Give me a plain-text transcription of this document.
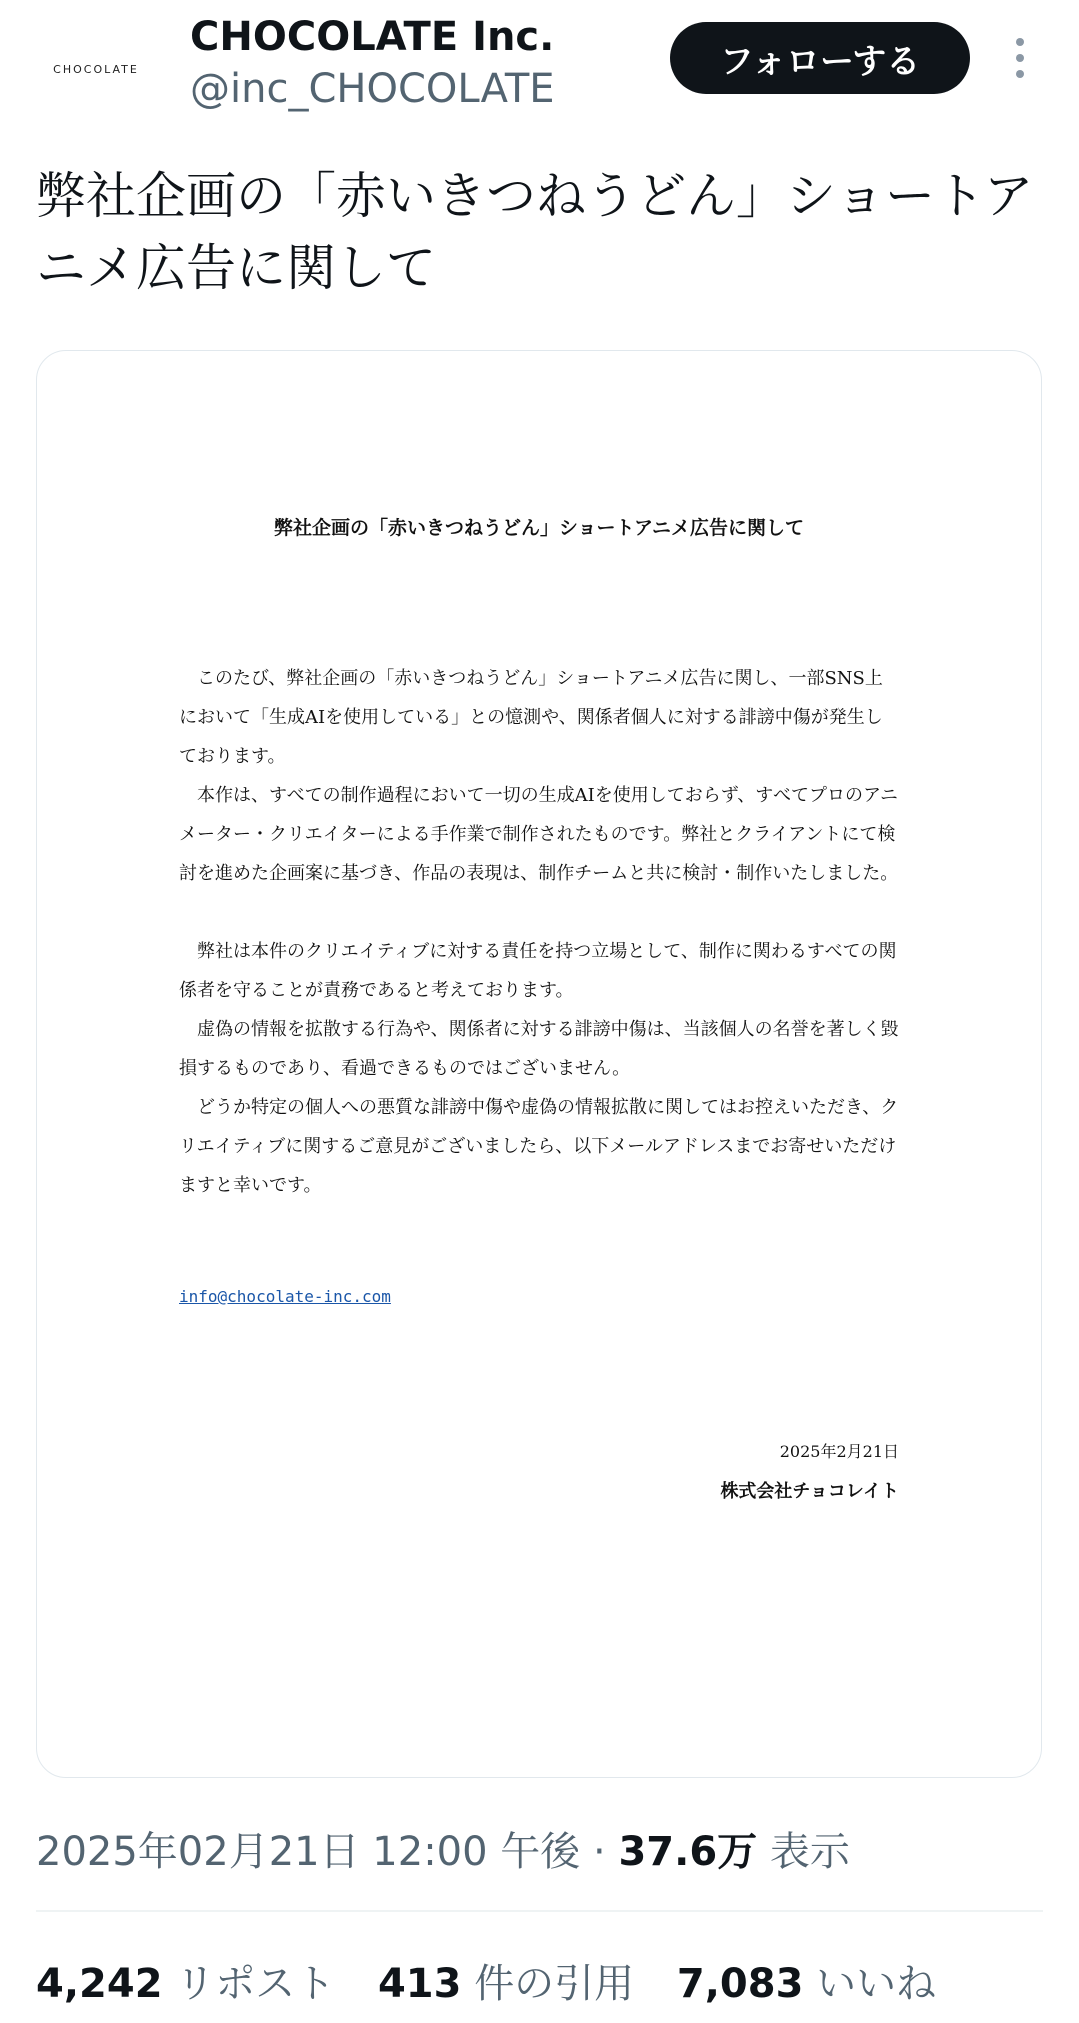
CHOCOLATE
CHOCOLATE Inc.
@inc_CHOCOLATE
フォローする
弊社企画の「赤いきつねうどん」ショートアニメ広告に関して
弊社企画の「赤いきつねうどん」ショートアニメ広告に関して

　このたび、弊社企画の「赤いきつねうどん」ショートアニメ広告に関し、一部SNS上において「生成AIを使用している」との憶測や、関係者個人に対する誹謗中傷が発生しております。

　本作は、すべての制作過程において一切の生成AIを使用しておらず、すべてプロのアニメーター・クリエイターによる手作業で制作されたものです。弊社とクライアントにて検討を進めた企画案に基づき、作品の表現は、制作チームと共に検討・制作いたしました。

　弊社は本件のクリエイティブに対する責任を持つ立場として、制作に関わるすべての関係者を守ることが責務であると考えております。

　虚偽の情報を拡散する行為や、関係者に対する誹謗中傷は、当該個人の名誉を著しく毀損するものであり、看過できるものではございません。

　どうか特定の個人への悪質な誹謗中傷や虚偽の情報拡散に関してはお控えいただき、クリエイティブに関するご意見がございましたら、以下メールアドレスまでお寄せいただけますと幸いです。

info@chocolate-inc.com
2025年2月21日
株式会社チョコレイト
2025年02月21日 12:00 午後 · 37.6万 表示
4,242 リポスト 413 件の引用 7,083 いいね
